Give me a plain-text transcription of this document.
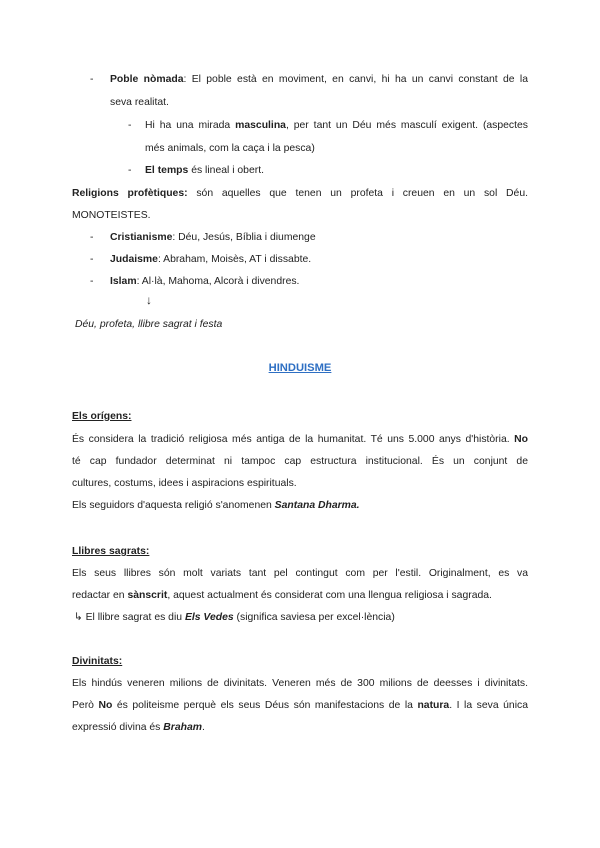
- Poble nòmada: El poble està en moviment, en canvi, hi ha un canvi constant de la
seva realitat.
- Hi ha una mirada masculina, per tant un Déu més masculí exigent. (aspectes
més animals, com la caça i la pesca)
- El temps és lineal i obert.
Religions profètiques: són aquelles que tenen un profeta i creuen en un sol Déu.
MONOTEISTES.
- Cristianisme: Déu, Jesús, Bíblia i diumenge
- Judaisme: Abraham, Moisès, AT i dissabte.
- Islam: Al·là, Mahoma, Alcorà i divendres.
↓
Déu, profeta, llibre sagrat i festa
HINDUISME
Els orígens:
És considera la tradició religiosa més antiga de la humanitat. Té uns 5.000 anys d'història. No
té cap fundador determinat ni tampoc cap estructura institucional. És un conjunt de
cultures, costums, idees i aspiracions espirituals.
Els seguidors d'aquesta religió s'anomenen Santana Dharma.
Llibres sagrats:
Els seus llibres són molt variats tant pel contingut com per l'estil. Originalment, es va
redactar en sànscrit, aquest actualment és considerat com una llengua religiosa i sagrada.
↳ El llibre sagrat es diu Els Vedes (significa saviesa per excel·lència)
Divinitats:
Els hindús veneren milions de divinitats. Veneren més de 300 milions de deesses i divinitats.
Però No és politeisme perquè els seus Déus són manifestacions de la natura. I la seva única
expressió divina és Braham.
